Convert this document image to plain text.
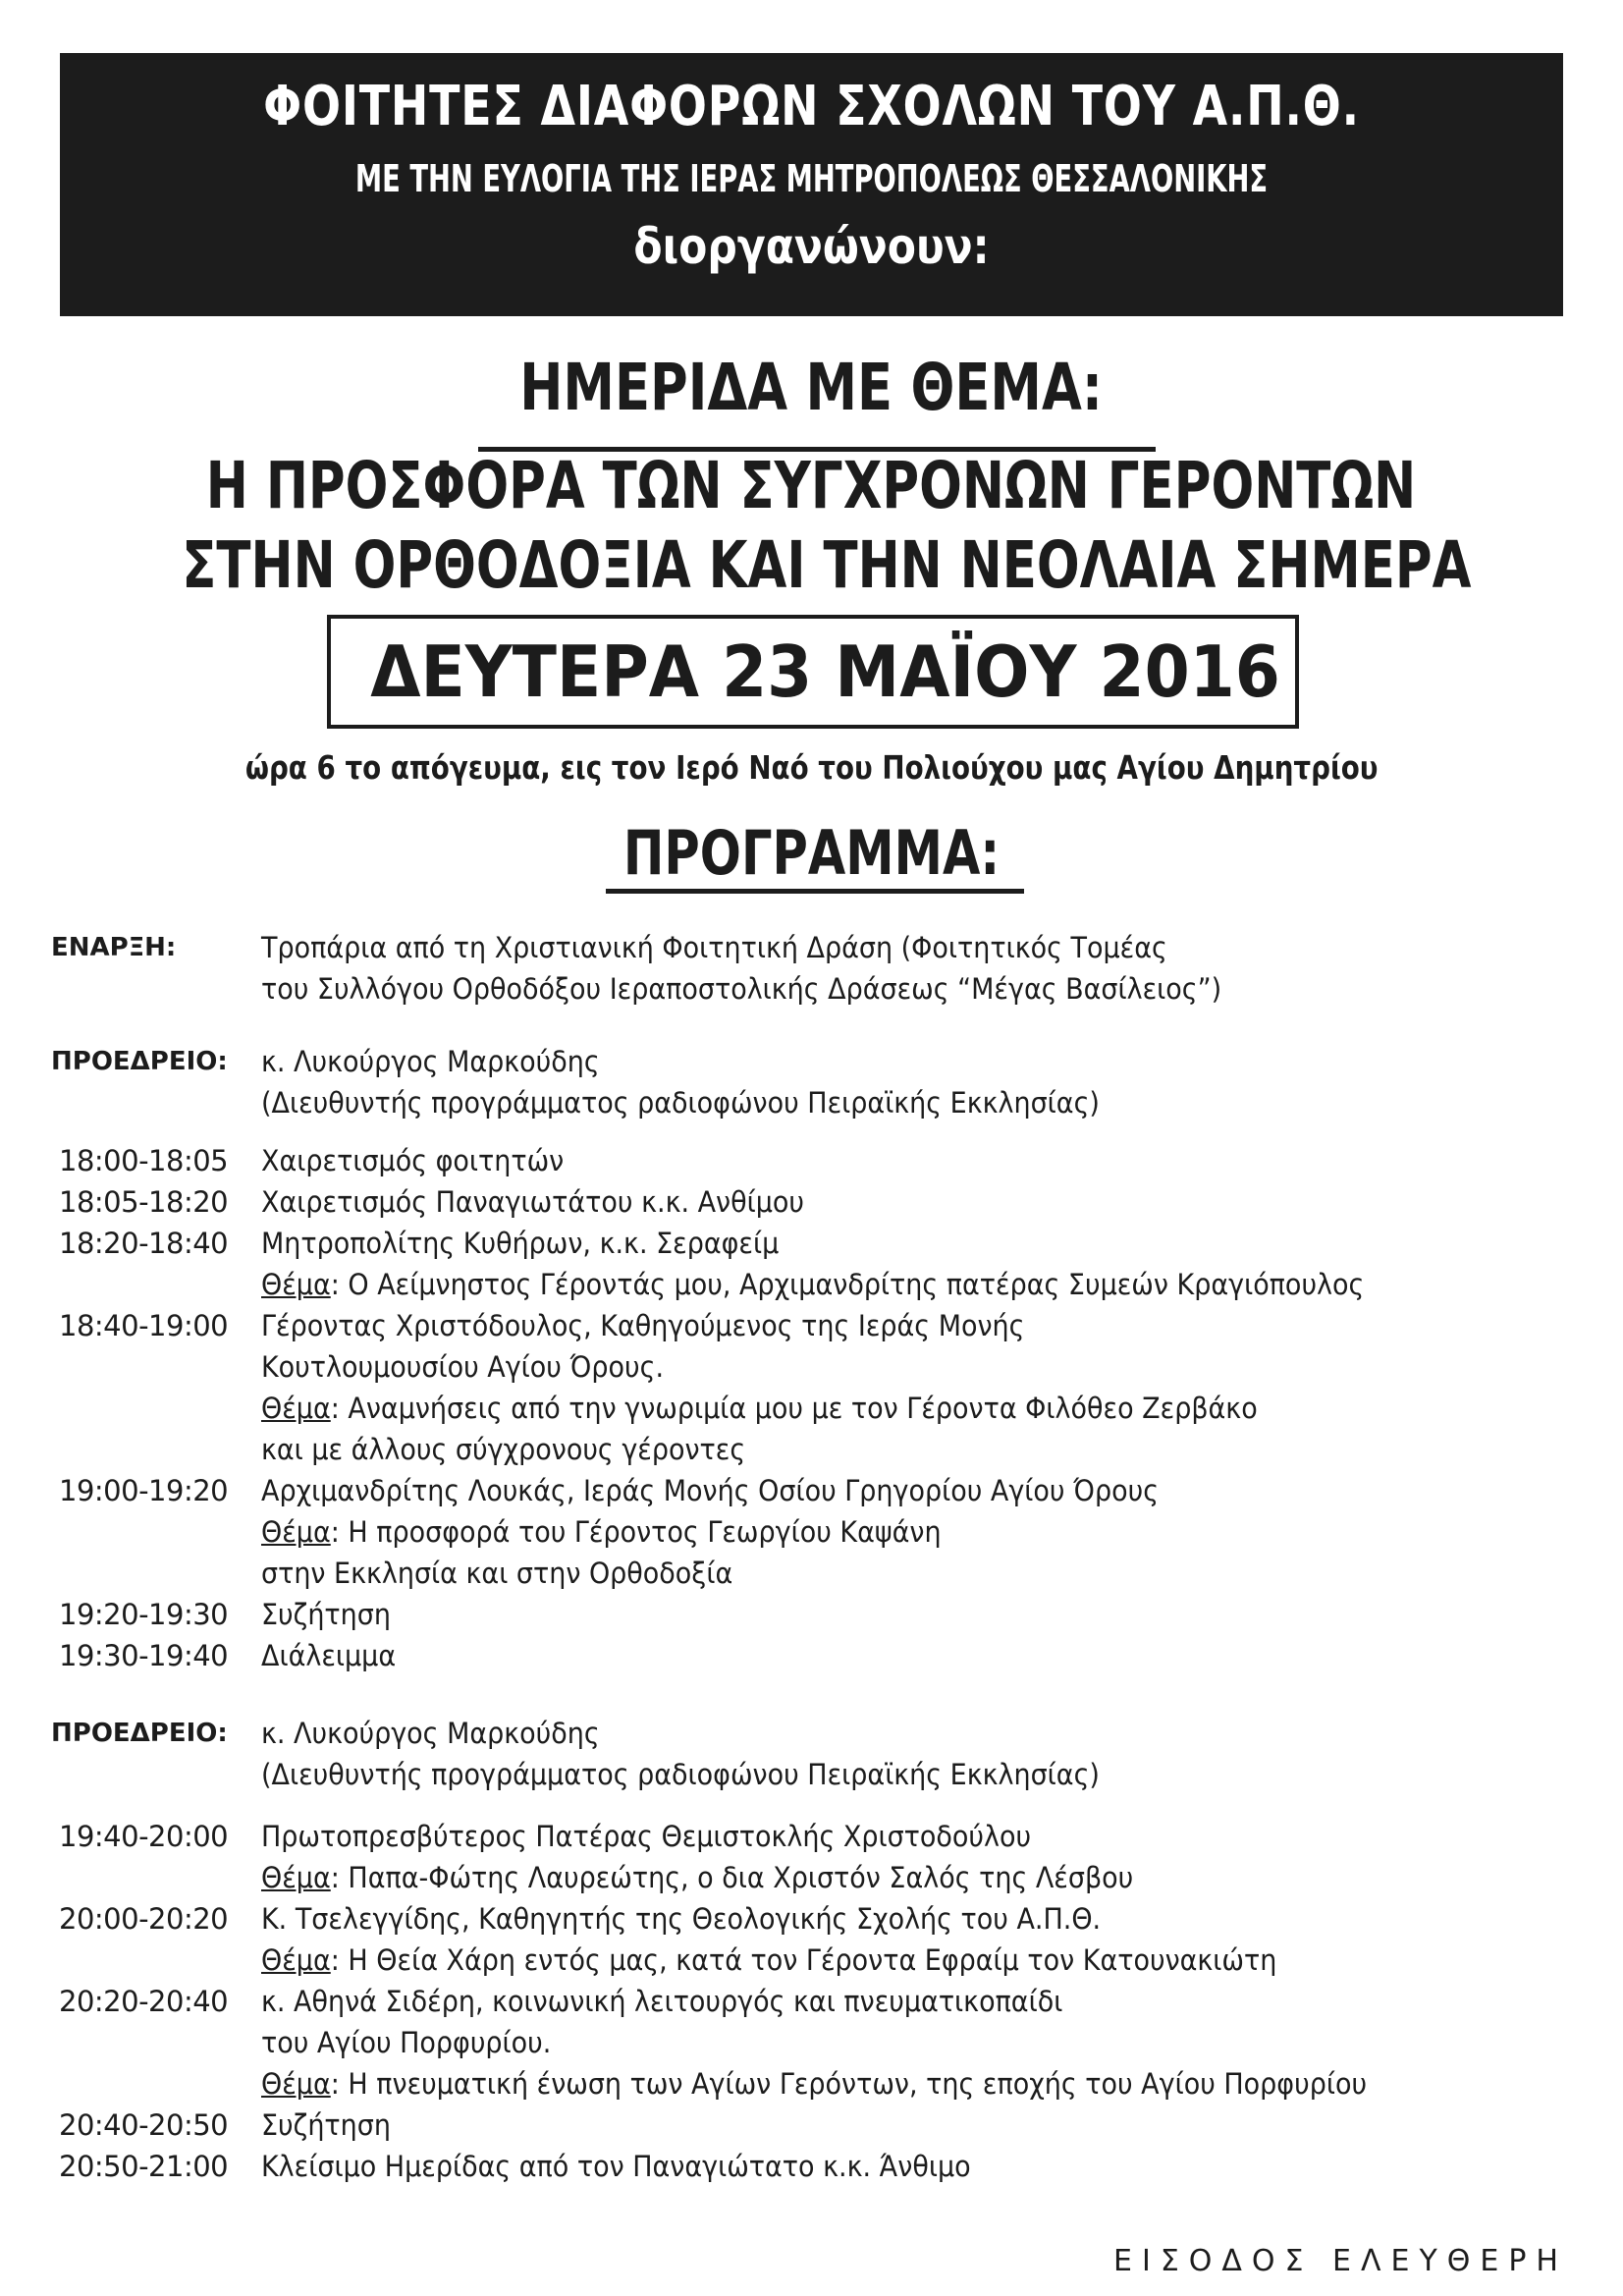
ΦΟΙΤΗΤΕΣ ΔΙΑΦΟΡΩΝ ΣΧΟΛΩΝ ΤΟΥ Α.Π.Θ.
ΜΕ ΤΗΝ ΕΥΛΟΓΙΑ ΤΗΣ ΙΕΡΑΣ ΜΗΤΡΟΠΟΛΕΩΣ ΘΕΣΣΑΛΟΝΙΚΗΣ
διοργανώνουν:
ΗΜΕΡΙΔΑ ΜΕ ΘΕΜΑ:
Η ΠΡΟΣΦΟΡΑ ΤΩΝ ΣΥΓΧΡΟΝΩΝ ΓΕΡΟΝΤΩΝ
ΣΤΗΝ ΟΡΘΟΔΟΞΙΑ ΚΑΙ ΤΗΝ ΝΕΟΛΑΙΑ ΣΗΜΕΡΑ
ΔΕΥΤΕΡΑ 23 ΜΑΪΟΥ 2016
ώρα 6 το απόγευμα, εις τον Ιερό Ναό του Πολιούχου μας Αγίου Δημητρίου
ΠΡΟΓΡΑΜΜΑ:
ΕΝΑΡΞΗ:	Τροπάρια από τη Χριστιανική Φοιτητική Δράση (Φοιτητικός Τομέας
του Συλλόγου Ορθοδόξου Ιεραποστολικής Δράσεως “Μέγας Βασίλειος”)
ΠΡΟΕΔΡΕΙΟ: κ. Λυκούργος Μαρκούδης
(Διευθυντής προγράμματος ραδιοφώνου Πειραϊκής Εκκλησίας)
18:00-18:05 Χαιρετισμός φοιτητών
18:05-18:20 Χαιρετισμός Παναγιωτάτου κ.κ. Ανθίμου
18:20-18:40 Μητροπολίτης Κυθήρων, κ.κ. Σεραφείμ
Θέμα: Ο Αείμνηστος Γέροντάς μου, Αρχιμανδρίτης πατέρας Συμεών Κραγιόπουλος
18:40-19:00 Γέροντας Χριστόδουλος, Καθηγούμενος της Ιεράς Μονής
Κουτλουμουσίου Αγίου Όρους.
Θέμα: Αναμνήσεις από την γνωριμία μου με τον Γέροντα Φιλόθεο Ζερβάκο
και με άλλους σύγχρονους γέροντες
19:00-19:20 Αρχιμανδρίτης Λουκάς, Ιεράς Μονής Οσίου Γρηγορίου Αγίου Όρους
Θέμα: Η προσφορά του Γέροντος Γεωργίου Καψάνη
στην Εκκλησία και στην Ορθοδοξία
19:20-19:30 Συζήτηση
19:30-19:40 Διάλειμμα
ΠΡΟΕΔΡΕΙΟ: κ. Λυκούργος Μαρκούδης
(Διευθυντής προγράμματος ραδιοφώνου Πειραϊκής Εκκλησίας)
19:40-20:00 Πρωτοπρεσβύτερος Πατέρας Θεμιστοκλής Χριστοδούλου
Θέμα: Παπα-Φώτης Λαυρεώτης, ο δια Χριστόν Σαλός της Λέσβου
20:00-20:20 Κ. Τσελεγγίδης, Καθηγητής της Θεολογικής Σχολής του Α.Π.Θ.
Θέμα: Η Θεία Χάρη εντός μας, κατά τον Γέροντα Εφραίμ τον Κατουνακιώτη
20:20-20:40 κ. Αθηνά Σιδέρη, κοινωνική λειτουργός και πνευματικοπαίδι
του Αγίου Πορφυρίου.
Θέμα: Η πνευματική ένωση των Αγίων Γερόντων, της εποχής του Αγίου Πορφυρίου
20:40-20:50 Συζήτηση
20:50-21:00 Κλείσιμο Ημερίδας από τον Παναγιώτατο κ.κ. Άνθιμο
ΕΙΣΟΔΟΣ ΕΛΕΥΘΕΡΗ
